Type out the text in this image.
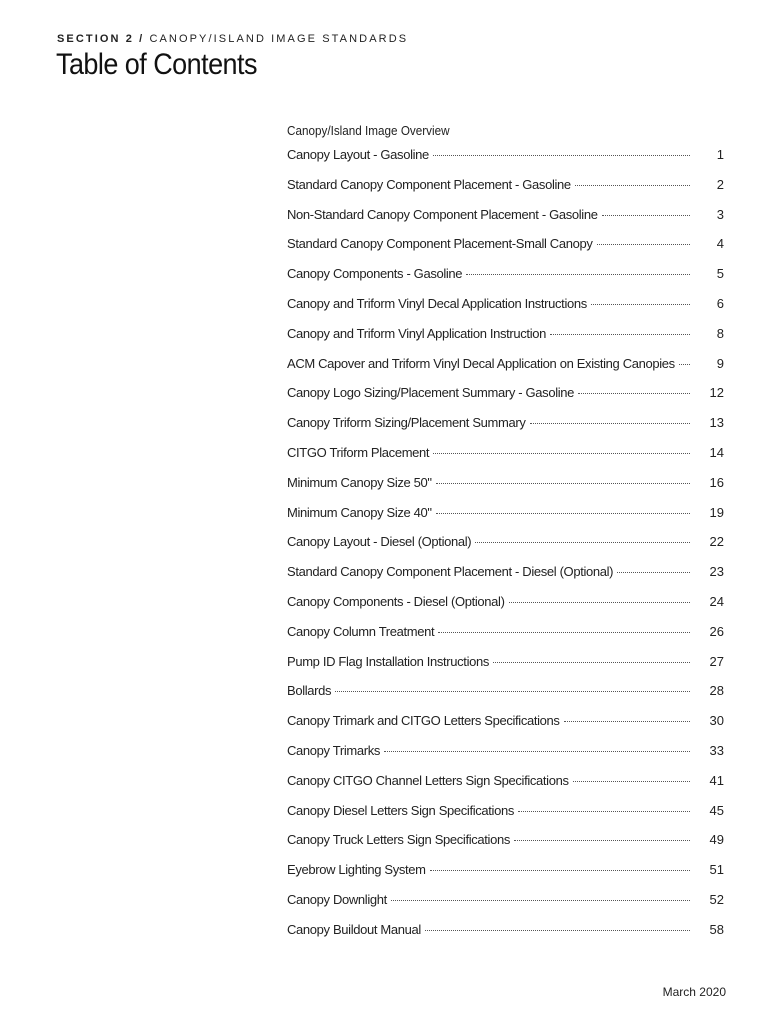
SECTION 2 / CANOPY/ISLAND IMAGE STANDARDS
Table of Contents
Canopy/Island Image Overview
Canopy Layout - Gasoline	1
Standard Canopy Component Placement - Gasoline	2
Non-Standard Canopy Component Placement - Gasoline	3
Standard Canopy Component Placement-Small Canopy	4
Canopy Components - Gasoline	5
Canopy and Triform Vinyl Decal Application Instructions	6
Canopy and Triform Vinyl Application Instruction	8
ACM Capover and Triform Vinyl Decal Application on Existing Canopies	9
Canopy Logo Sizing/Placement Summary - Gasoline	12
Canopy Triform Sizing/Placement Summary	13
CITGO Triform Placement	14
Minimum Canopy Size 50"	16
Minimum Canopy Size 40"	19
Canopy Layout - Diesel (Optional)	22
Standard Canopy Component Placement - Diesel (Optional)	23
Canopy Components - Diesel (Optional)	24
Canopy Column Treatment	26
Pump ID Flag Installation Instructions	27
Bollards	28
Canopy Trimark and CITGO Letters Specifications	30
Canopy Trimarks	33
Canopy CITGO Channel Letters Sign Specifications	41
Canopy Diesel Letters Sign Specifications	45
Canopy Truck Letters Sign Specifications	49
Eyebrow Lighting System	51
Canopy Downlight	52
Canopy Buildout Manual	58
March 2020
